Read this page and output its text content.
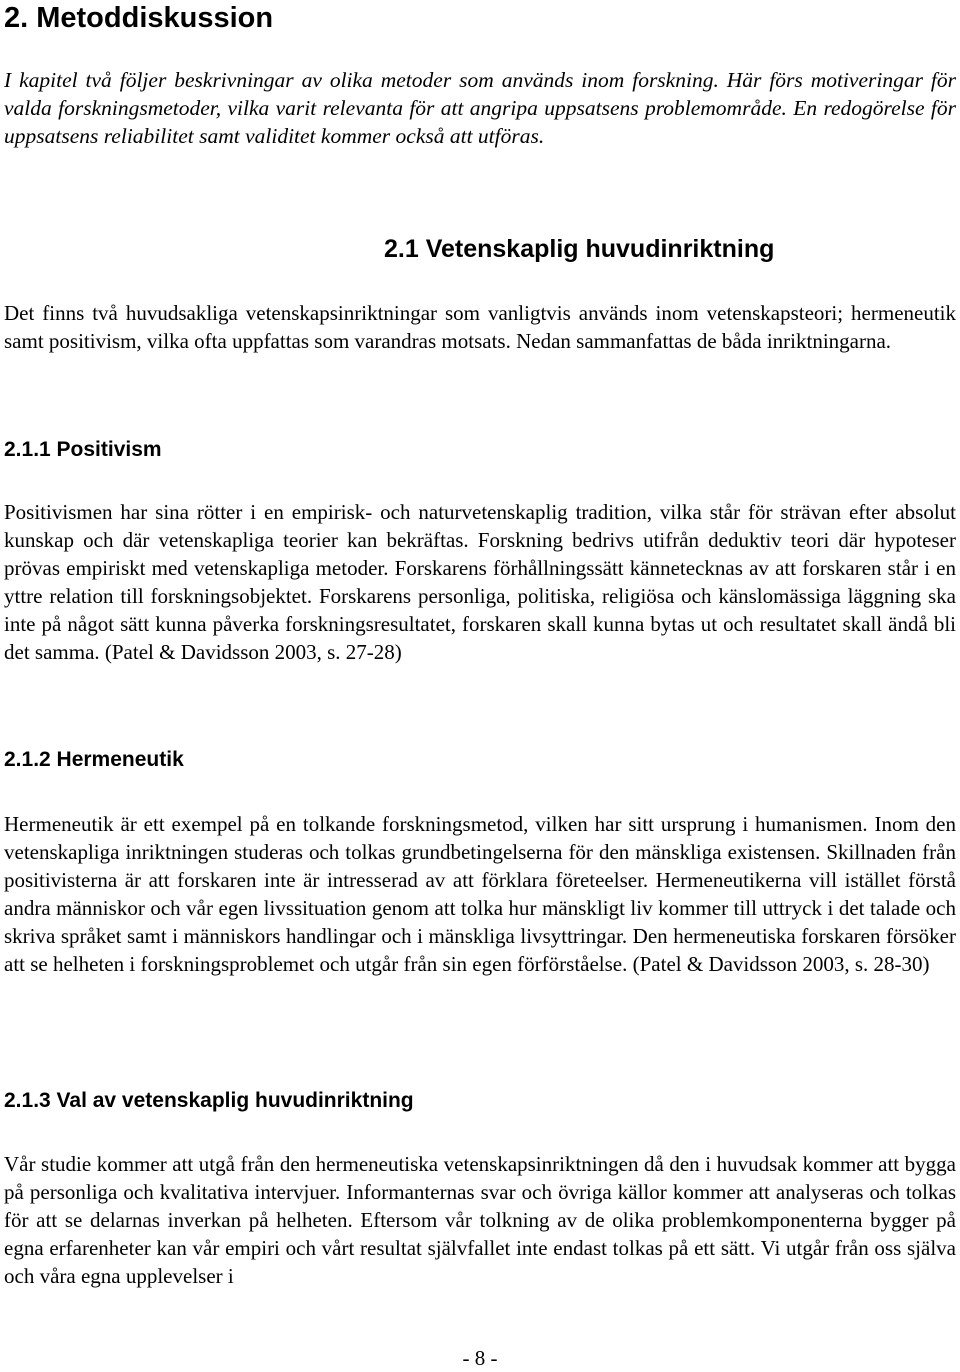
2. Metoddiskussion

I kapitel två följer beskrivningar av olika metoder som används inom forskning. Här förs motiveringar för valda forskningsmetoder, vilka varit relevanta för att angripa uppsatsens problemområde. En redogörelse för uppsatsens reliabilitet samt validitet kommer också att utföras.

2.1 Vetenskaplig huvudinriktning

Det finns två huvudsakliga vetenskapsinriktningar som vanligtvis används inom vetenskapsteori; hermeneutik samt positivism, vilka ofta uppfattas som varandras motsats. Nedan sammanfattas de båda inriktningarna.

2.1.1 Positivism

Positivismen har sina rötter i en empirisk- och naturvetenskaplig tradition, vilka står för strävan efter absolut kunskap och där vetenskapliga teorier kan bekräftas. Forskning bedrivs utifrån deduktiv teori där hypoteser prövas empiriskt med vetenskapliga metoder. Forskarens förhållningssätt kännetecknas av att forskaren står i en yttre relation till forskningsobjektet. Forskarens personliga, politiska, religiösa och känslomässiga läggning ska inte på något sätt kunna påverka forskningsresultatet, forskaren skall kunna bytas ut och resultatet skall ändå bli det samma. (Patel & Davidsson 2003, s. 27-28)

2.1.2 Hermeneutik

Hermeneutik är ett exempel på en tolkande forskningsmetod, vilken har sitt ursprung i humanismen. Inom den vetenskapliga inriktningen studeras och tolkas grundbetingelserna för den mänskliga existensen. Skillnaden från positivisterna är att forskaren inte är intresserad av att förklara företeelser. Hermeneutikerna vill istället förstå andra människor och vår egen livssituation genom att tolka hur mänskligt liv kommer till uttryck i det talade och skriva språket samt i människors handlingar och i mänskliga livsyttringar. Den hermeneutiska forskaren försöker att se helheten i forskningsproblemet och utgår från sin egen förförståelse. (Patel & Davidsson 2003, s. 28-30)

2.1.3 Val av vetenskaplig huvudinriktning

Vår studie kommer att utgå från den hermeneutiska vetenskapsinriktningen då den i huvudsak kommer att bygga på personliga och kvalitativa intervjuer. Informanternas svar och övriga källor kommer att analyseras och tolkas för att se delarnas inverkan på helheten. Eftersom vår tolkning av de olika problemkomponenterna bygger på egna erfarenheter kan vår empiri och vårt resultat självfallet inte endast tolkas på ett sätt. Vi utgår från oss själva och våra egna upplevelser i

- 8 -
